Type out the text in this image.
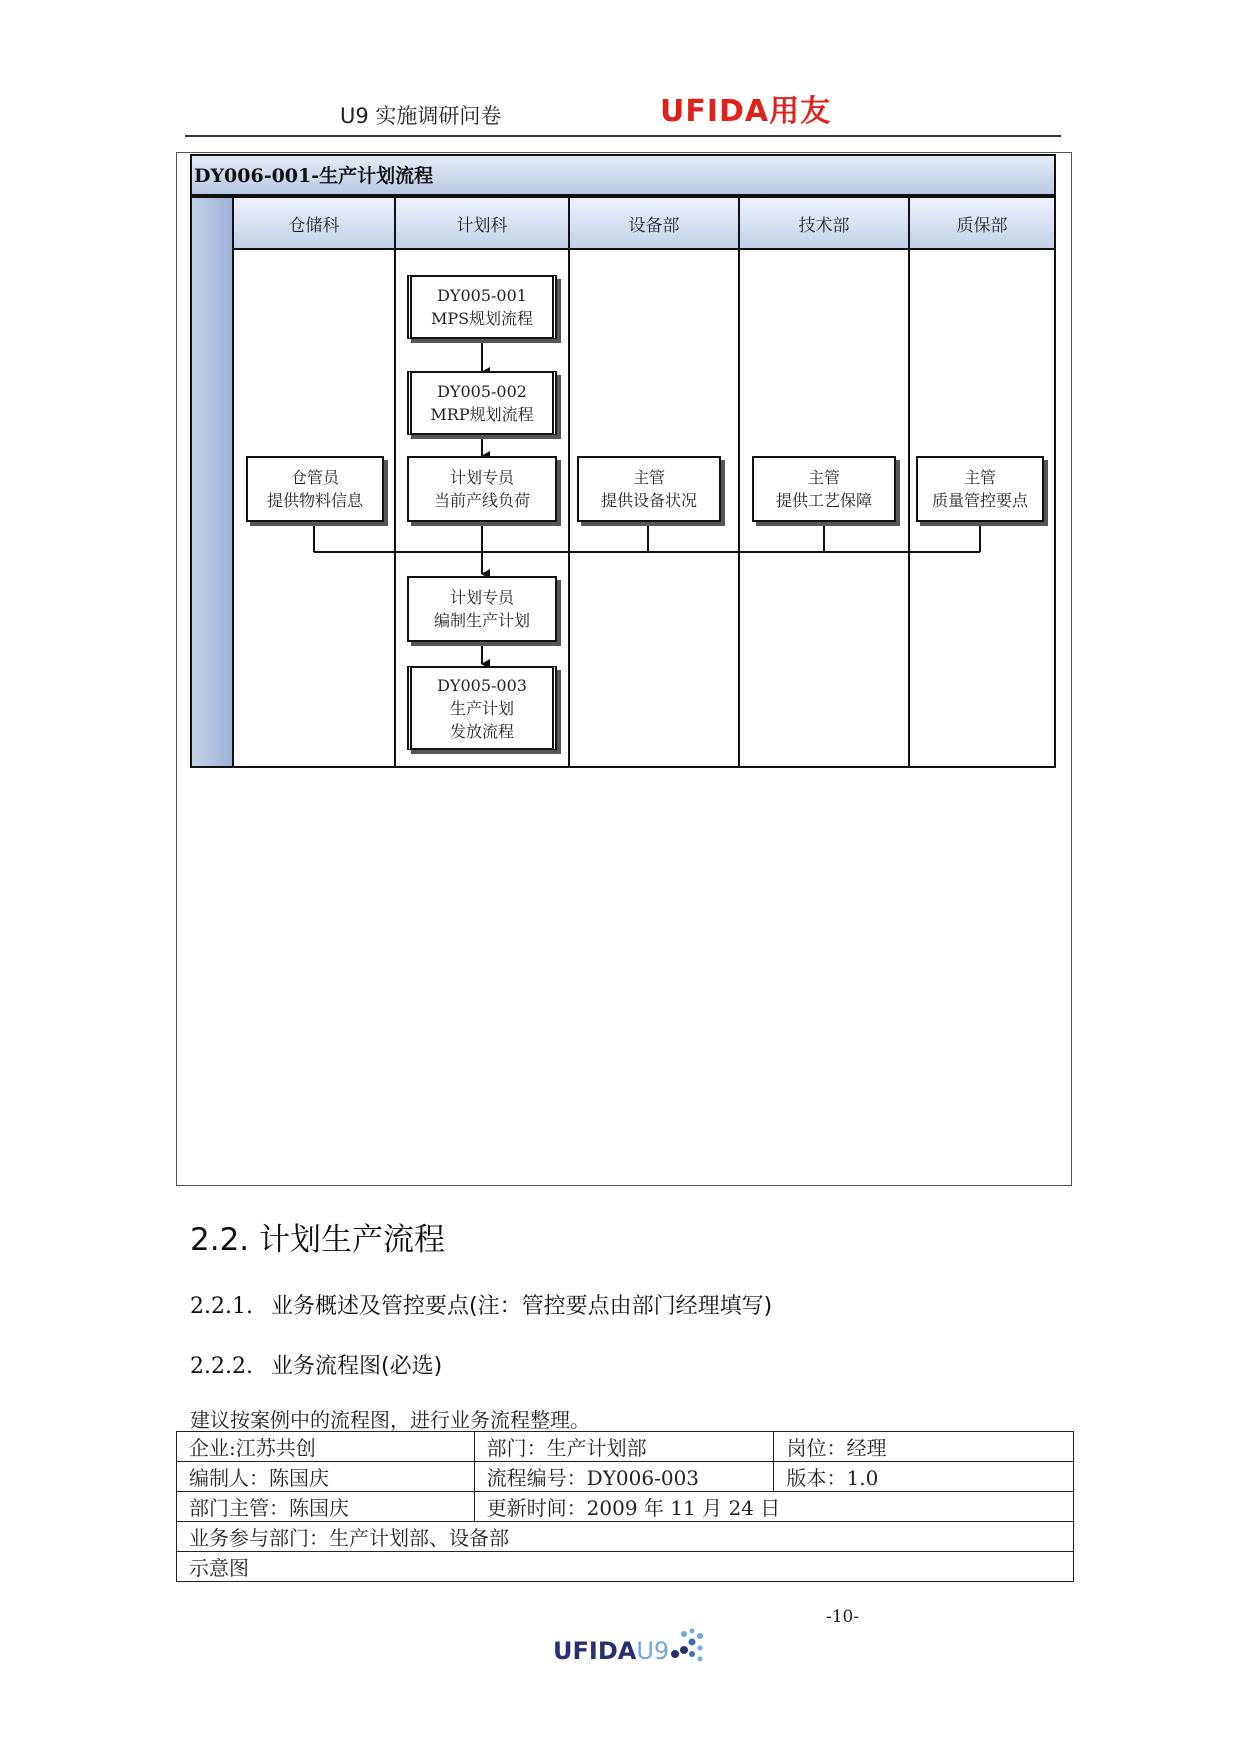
U9 实施调研问卷	UFIDA用友
DY006-001-生产计划流程
仓储科	计划科	设备部	技术部	质保部
DY005-001
MPS规划流程
DY005-002
MRP规划流程
仓管员
提供物料信息
计划专员
当前产线负荷
主管
提供设备状况
主管
提供工艺保障
主管
质量管控要点
计划专员
编制生产计划
DY005-003
生产计划
发放流程
2.2. 计划生产流程
2.2.1. 业务概述及管控要点(注：管控要点由部门经理填写)
2.2.2. 业务流程图(必选)
建议按案例中的流程图，进行业务流程整理。
企业:江苏共创	部门：生产计划部	岗位：经理
编制人：陈国庆	流程编号：DY006-003	版本：1.0
部门主管：陈国庆	更新时间：2009 年 11 月 24 日	
业务参与部门：生产计划部、设备部		
示意图		
-10-
UFIDAU9
